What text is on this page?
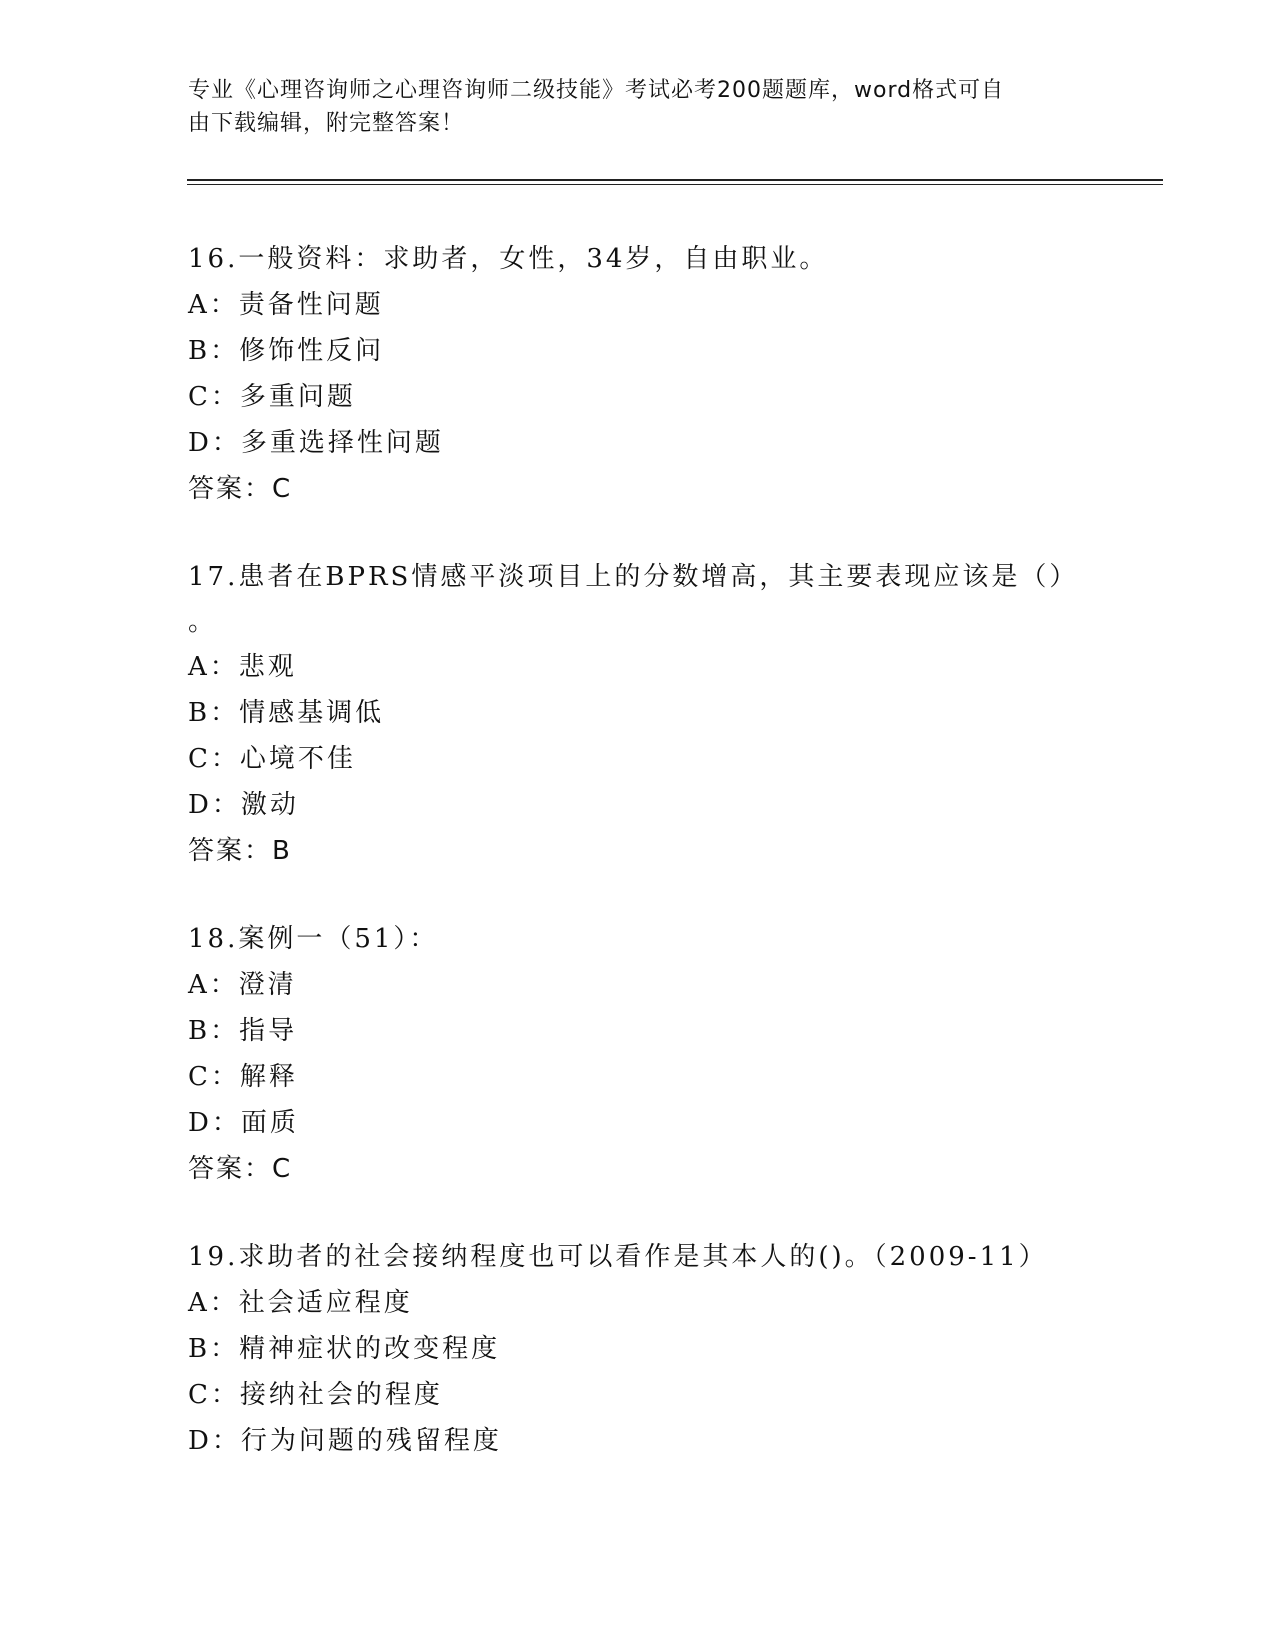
专业《心理咨询师之心理咨询师二级技能》考试必考200题题库，word格式可自
由下载编辑，附完整答案！
16.一般资料：求助者，女性，34岁，自由职业。
A：责备性问题
B：修饰性反问
C：多重问题
D：多重选择性问题
答案：C
17.患者在BPRS情感平淡项目上的分数增高，其主要表现应该是（）
。
A：悲观
B：情感基调低
C：心境不佳
D：激动
答案：B
18.案例一（51）：
A：澄清
B：指导
C：解释
D：面质
答案：C
19.求助者的社会接纳程度也可以看作是其本人的()。（2009-11）
A：社会适应程度
B：精神症状的改变程度
C：接纳社会的程度
D：行为问题的残留程度
